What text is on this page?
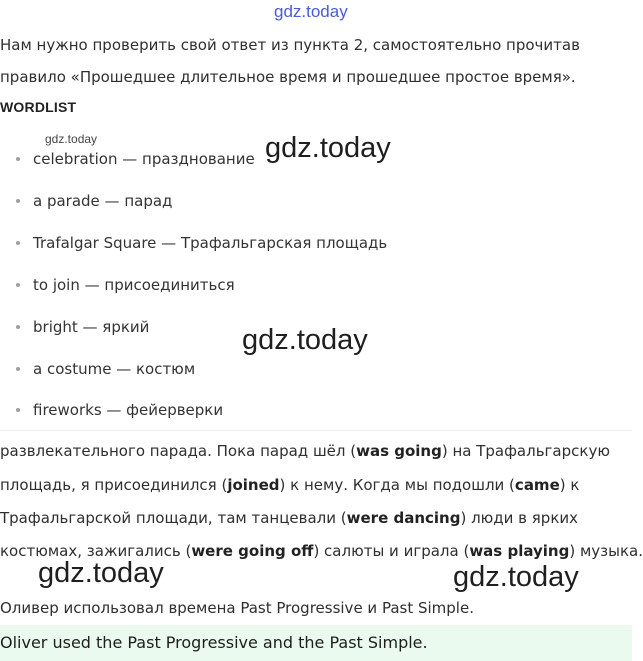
gdz.today
Нам нужно проверить свой ответ из пункта 2, самостоятельно прочитав
правило «Прошедшее длительное время и прошедшее простое время».
WORDLIST
gdz.today
celebration — празднование
a parade — парад
Trafalgar Square — Трафальгарская площадь
to join — присоединиться
bright — яркий
a costume — костюм
fireworks — фейерверки
gdz.today
gdz.today
развлекательного парада. Пока парад шёл (was going) на Трафальгарскую
площадь, я присоединился (joined) к нему. Когда мы подошли (came) к
Трафальгарской площади, там танцевали (were dancing) люди в ярких
костюмах, зажигались (were going off) салюты и играла (was playing) музыка.
gdz.today	gdz.today
Оливер использовал времена Past Progressive и Past Simple.
Oliver used the Past Progressive and the Past Simple.
